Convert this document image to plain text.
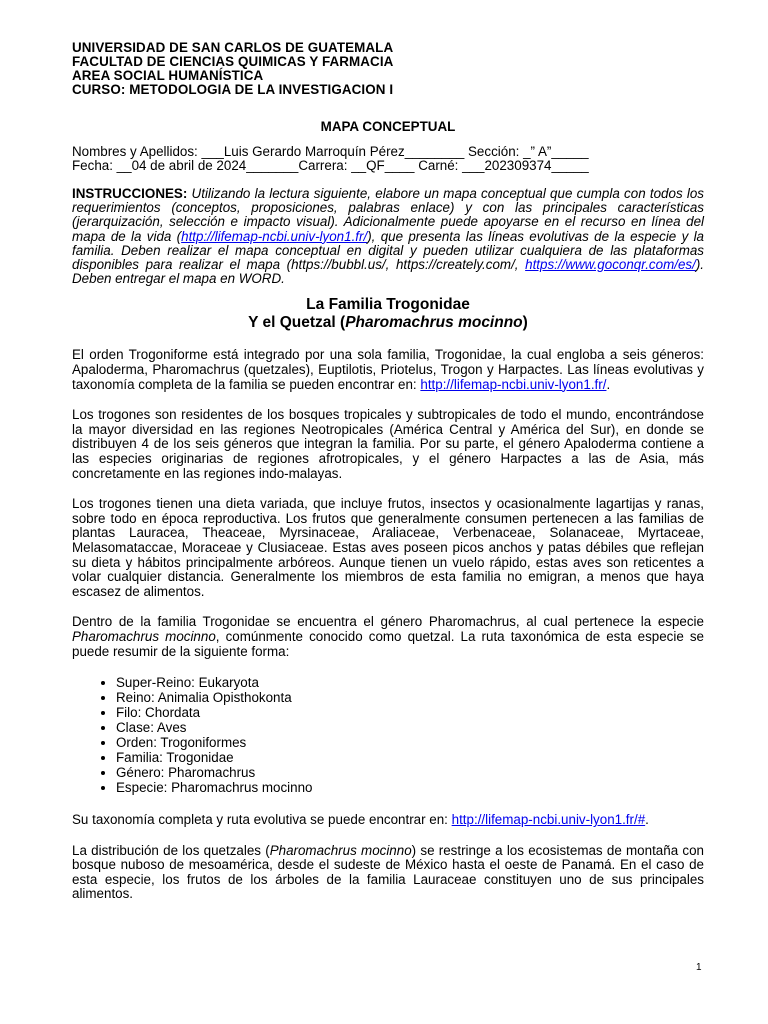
UNIVERSIDAD DE SAN CARLOS DE GUATEMALA
FACULTAD DE CIENCIAS QUIMICAS Y FARMACIA
AREA SOCIAL HUMANÍSTICA
CURSO: METODOLOGIA DE LA INVESTIGACION I
MAPA CONCEPTUAL
Nombres y Apellidos: ___Luis Gerardo Marroquín Pérez________ Sección: _” A”_____
Fecha: __04 de abril de 2024_______Carrera: __QF____ Carné: ___202309374_____
INSTRUCCIONES: Utilizando la lectura siguiente, elabore un mapa conceptual que cumpla con todos los requerimientos (conceptos, proposiciones, palabras enlace) y con las principales características (jerarquización, selección e impacto visual). Adicionalmente puede apoyarse en el recurso en línea del mapa de la vida (http://lifemap-ncbi.univ-lyon1.fr/), que presenta las líneas evolutivas de la especie y la familia. Deben realizar el mapa conceptual en digital y pueden utilizar cualquiera de las plataformas disponibles para realizar el mapa (https://bubbl.us/, https://creately.com/, https://www.goconqr.com/es/). Deben entregar el mapa en WORD.
La Familia Trogonidae
Y el Quetzal (Pharomachrus mocinno)

El orden Trogoniforme está integrado por una sola familia, Trogonidae, la cual engloba a seis géneros: Apaloderma, Pharomachrus (quetzales), Euptilotis, Priotelus, Trogon y Harpactes. Las líneas evolutivas y taxonomía completa de la familia se pueden encontrar en: http://lifemap-ncbi.univ-lyon1.fr/.

Los trogones son residentes de los bosques tropicales y subtropicales de todo el mundo, encontrándose la mayor diversidad en las regiones Neotropicales (América Central y América del Sur), en donde se distribuyen 4 de los seis géneros que integran la familia. Por su parte, el género Apaloderma contiene a las especies originarias de regiones afrotropicales, y el género Harpactes a las de Asia, más concretamente en las regiones indo-malayas.

Los trogones tienen una dieta variada, que incluye frutos, insectos y ocasionalmente lagartijas y ranas, sobre todo en época reproductiva. Los frutos que generalmente consumen pertenecen a las familias de plantas Lauracea, Theaceae, Myrsinaceae, Araliaceae, Verbenaceae, Solanaceae, Myrtaceae, Melasomataccae, Moraceae y Clusiaceae. Estas aves poseen picos anchos y patas débiles que reflejan su dieta y hábitos principalmente arbóreos. Aunque tienen un vuelo rápido, estas aves son reticentes a volar cualquier distancia. Generalmente los miembros de esta familia no emigran, a menos que haya escasez de alimentos.

Dentro de la familia Trogonidae se encuentra el género Pharomachrus, al cual pertenece la especie Pharomachrus mocinno, comúnmente conocido como quetzal. La ruta taxonómica de esta especie se puede resumir de la siguiente forma:

• Super-Reino: Eukaryota
• Reino: Animalia Opisthokonta
• Filo: Chordata
• Clase: Aves
• Orden: Trogoniformes
• Familia: Trogonidae
• Género: Pharomachrus
• Especie: Pharomachrus mocinno

Su taxonomía completa y ruta evolutiva se puede encontrar en: http://lifemap-ncbi.univ-lyon1.fr/#.

La distribución de los quetzales (Pharomachrus mocinno) se restringe a los ecosistemas de montaña con bosque nuboso de mesoamérica, desde el sudeste de México hasta el oeste de Panamá. En el caso de esta especie, los frutos de los árboles de la familia Lauraceae constituyen uno de sus principales alimentos.

1
